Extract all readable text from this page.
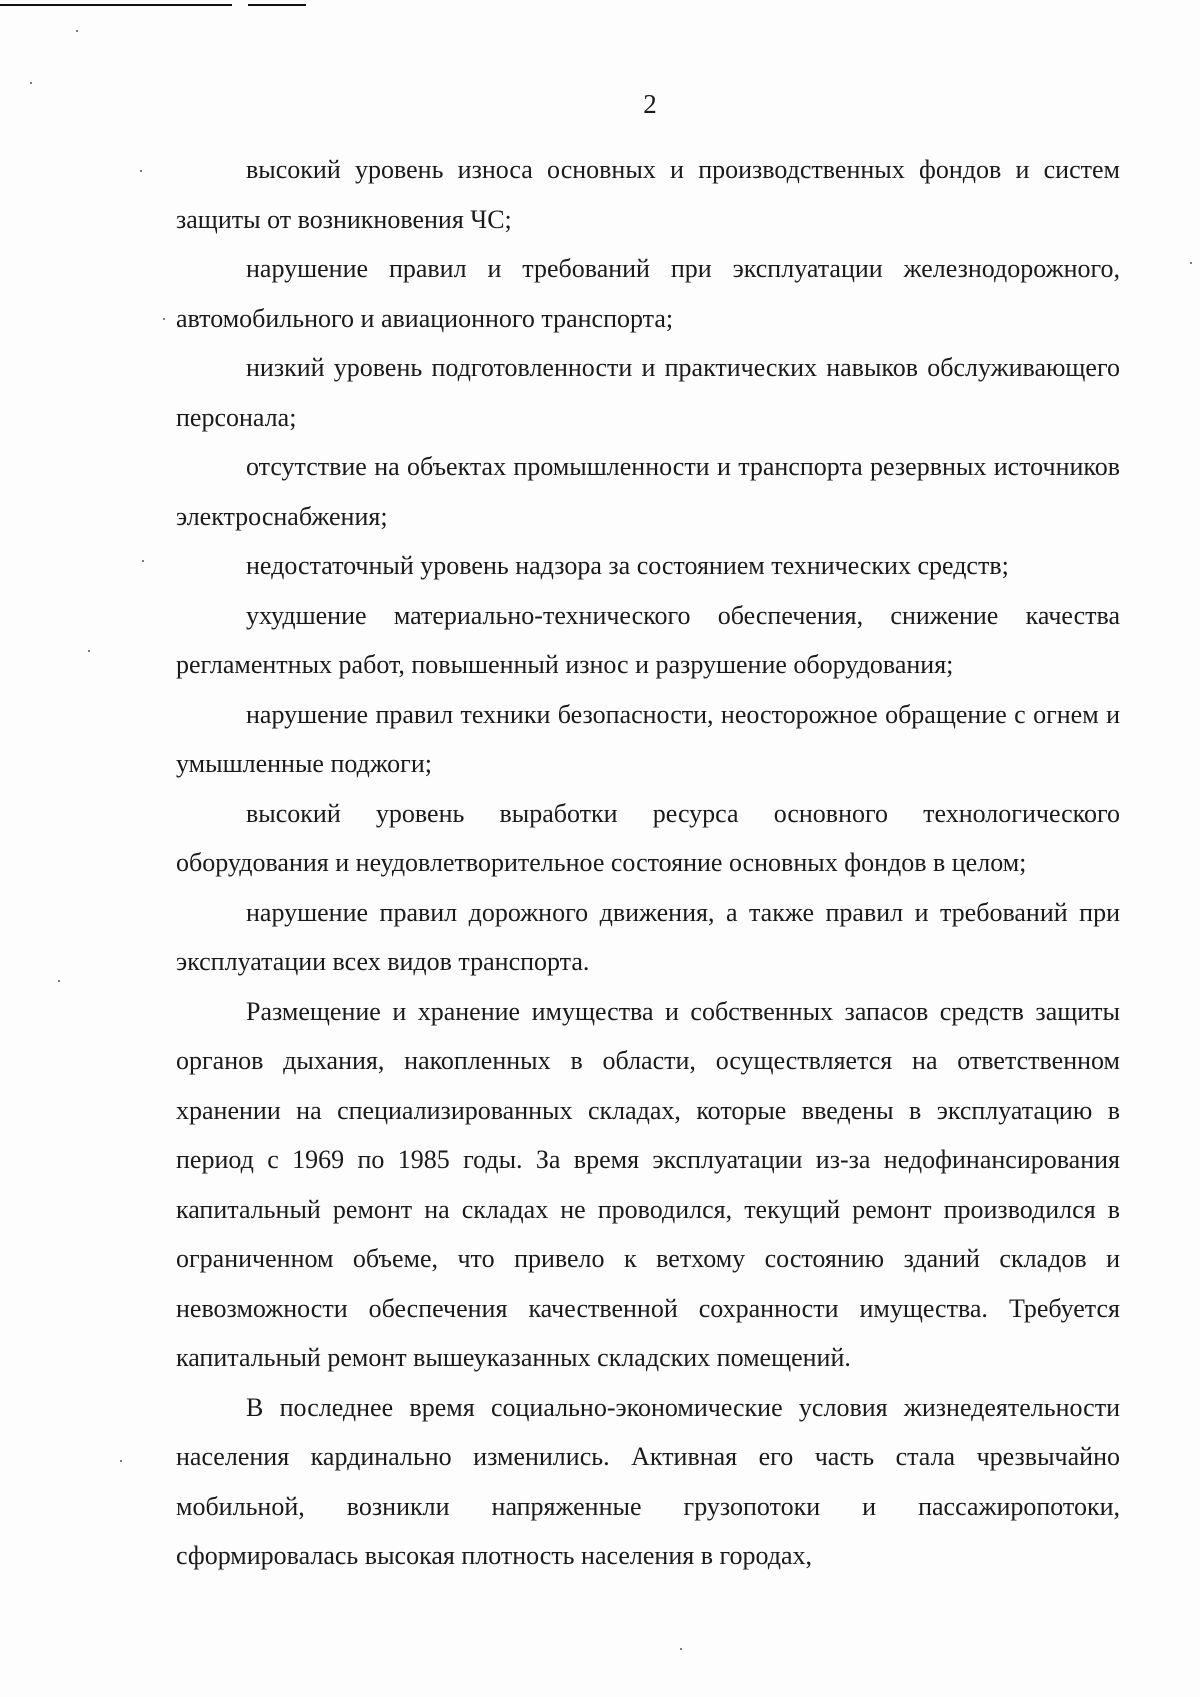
2

высокий уровень износа основных и производственных фондов и систем защиты от возникновения ЧС;

нарушение правил и требований при эксплуатации железнодорожного, автомобильного и авиационного транспорта;

низкий уровень подготовленности и практических навыков обслуживающего персонала;

отсутствие на объектах промышленности и транспорта резервных источников электроснабжения;

недостаточный уровень надзора за состоянием технических средств;

ухудшение материально-технического обеспечения, снижение качества регламентных работ, повышенный износ и разрушение оборудования;

нарушение правил техники безопасности, неосторожное обращение с огнем и умышленные поджоги;

высокий уровень выработки ресурса основного технологического оборудования и неудовлетворительное состояние основных фондов в целом;

нарушение правил дорожного движения, а также правил и требований при эксплуатации всех видов транспорта.

Размещение и хранение имущества и собственных запасов средств защиты органов дыхания, накопленных в области, осуществляется на ответственном хранении на специализированных складах, которые введены в эксплуатацию в период с 1969 по 1985 годы. За время эксплуатации из-за недофинансирования капитальный ремонт на складах не проводился, текущий ремонт производился в ограниченном объеме, что привело к ветхому состоянию зданий складов и невозможности обеспечения качественной сохранности имущества. Требуется капитальный ремонт вышеуказанных складских помещений.

В последнее время социально-экономические условия жизнедеятельности населения кардинально изменились. Активная его часть стала чрезвычайно мобильной, возникли напряженные грузопотоки и пассажиропотоки, сформировалась высокая плотность населения в городах,
